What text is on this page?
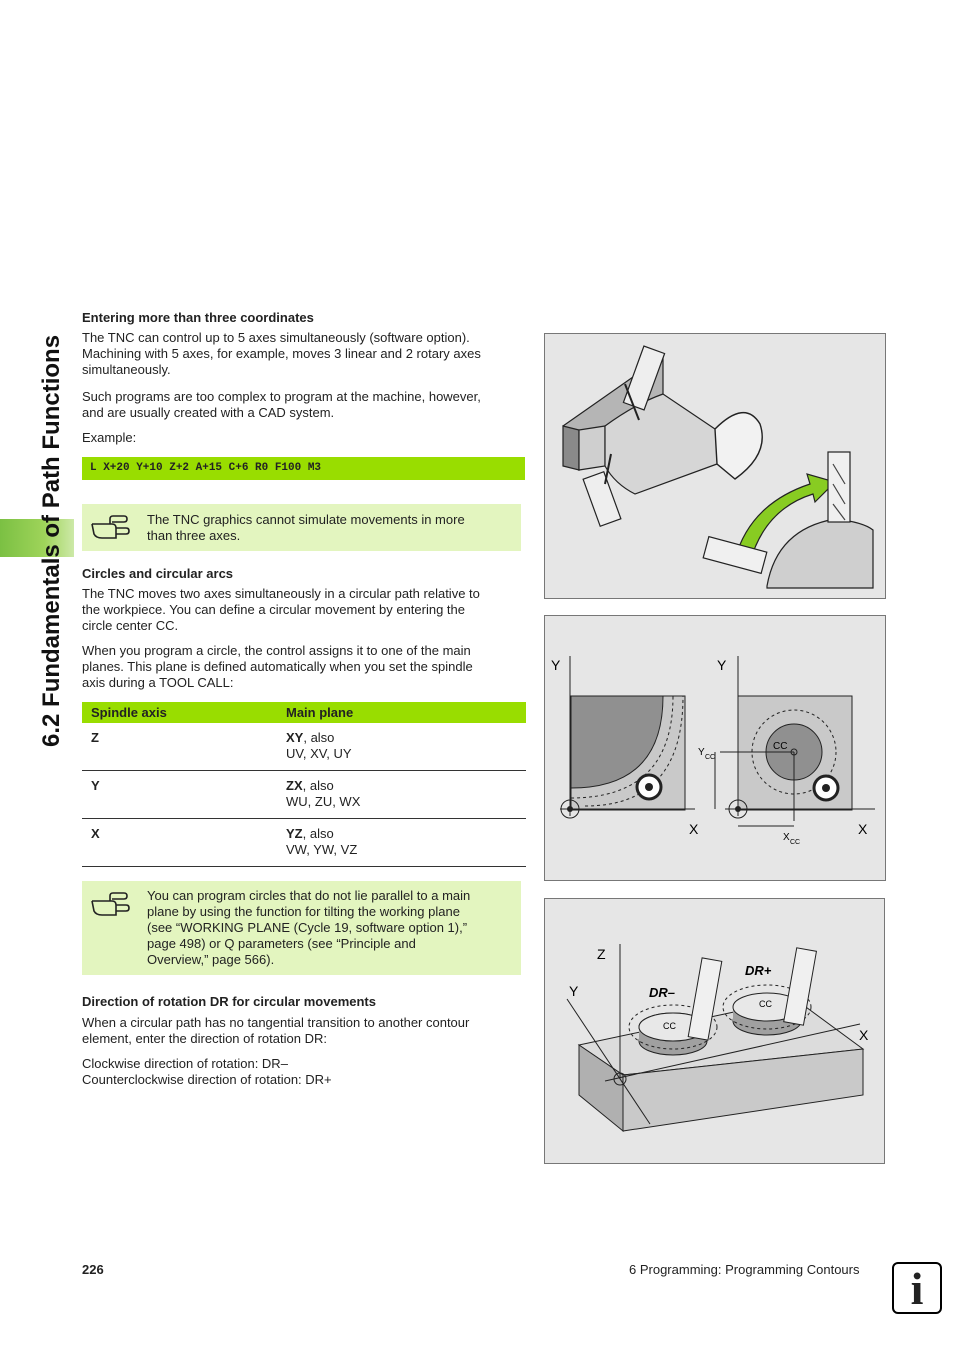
6.2 Fundamentals of Path Functions
Entering more than three coordinates

The TNC can control up to 5 axes simultaneously (software option).

Machining with 5 axes, for example, moves 3 linear and 2 rotary axes

simultaneously.

Such programs are too complex to program at the machine, however,

and are usually created with a CAD system.

Example:

L X+20 Y+10 Z+2 A+15 C+6 R0 F100 M3
The TNC graphics cannot simulate movements in more
than three axes.
Circles and circular arcs

The TNC moves two axes simultaneously in a circular path relative to

the workpiece. You can define a circular movement by entering the

circle center CC.

When you program a circle, the control assigns it to one of the main

planes. This plane is defined automatically when you set the spindle

axis during a TOOL CALL:

Spindle axis	Main plane
Z	XY, also
UV, XV, UY
Y	ZX, also
WU, ZU, WX
X	YZ, also
VW, YW, VZ
You can program circles that do not lie parallel to a main
plane by using the function for tilting the working plane
(see “WORKING PLANE (Cycle 19, software option 1),”
page 498) or Q parameters (see “Principle and
Overview,” page 566).
Direction of rotation DR for circular movements

When a circular path has no tangential transition to another contour

element, enter the direction of rotation DR:

Clockwise direction of rotation: DR–

Counterclockwise direction of rotation: DR+

Y
X
Y
X
CC
Y CC
X CC
Z
Y
X
DR–
DR+
CC
CC
226	6 Programming: Programming Contours	i
